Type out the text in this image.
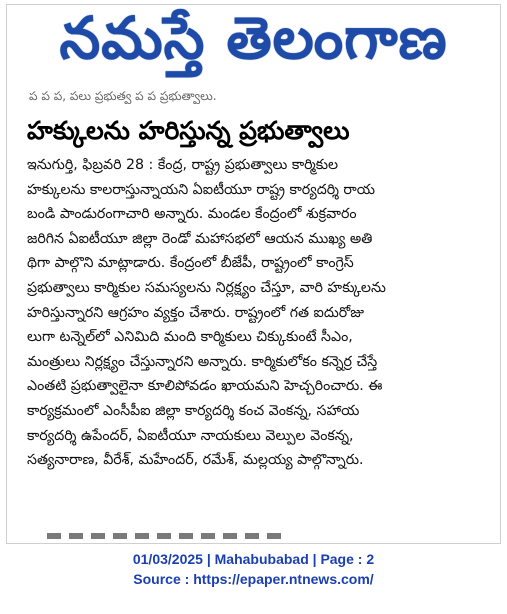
నమస్తే తెలంగాణ
ప ప ప, పలు ప్రభుత్వ ప ప ప్రభుత్వాలు.
హక్కులను హరిస్తున్న ప్రభుత్వాలు
ఇనుగుర్తి, ఫిబ్రవరి 28 : కేంద్ర, రాష్ట్ర ప్రభుత్వాలు కార్మికుల
హక్కులను కాలరాస్తున్నాయని ఏఐటీయూ రాష్ట్ర కార్యదర్శి రాయ
బండి పాండురంగాచారి అన్నారు. మండల కేంద్రంలో శుక్రవారం
జరిగిన ఏఐటీయూ జిల్లా రెండో మహాసభలో ఆయన ముఖ్య అతి
థిగా పాల్గొని మాట్లాడారు. కేంద్రంలో బీజేపీ, రాష్ట్రంలో కాంగ్రెస్
ప్రభుత్వాలు కార్మికుల సమస్యలను నిర్లక్ష్యం చేస్తూ, వారి హక్కులను
హరిస్తున్నారని ఆగ్రహం వ్యక్తం చేశారు. రాష్ట్రంలో గత ఐదురోజు
లుగా టన్నెల్‌లో ఎనిమిది మంది కార్మికులు చిక్కుకుంటే సీఎం,
మంత్రులు నిర్లక్ష్యం చేస్తున్నారని అన్నారు. కార్మికులోకం కన్నెర్ర చేస్తే
ఎంతటి ప్రభుత్వాలైనా కూలిపోవడం ఖాయమని హెచ్చరించారు. ఈ
కార్యక్రమంలో ఎంసీపీఐ జిల్లా కార్యదర్శి కంచ వెంకన్న, సహాయ
కార్యదర్శి ఉపేందర్, ఏఐటీయూ నాయకులు వెల్పుల వెంకన్న,
సత్యనారాణ, వీరేశ్, మహేందర్, రమేశ్, మల్లయ్య పాల్గొన్నారు.
01/03/2025 | Mahabubabad | Page : 2
Source : https://epaper.ntnews.com/
